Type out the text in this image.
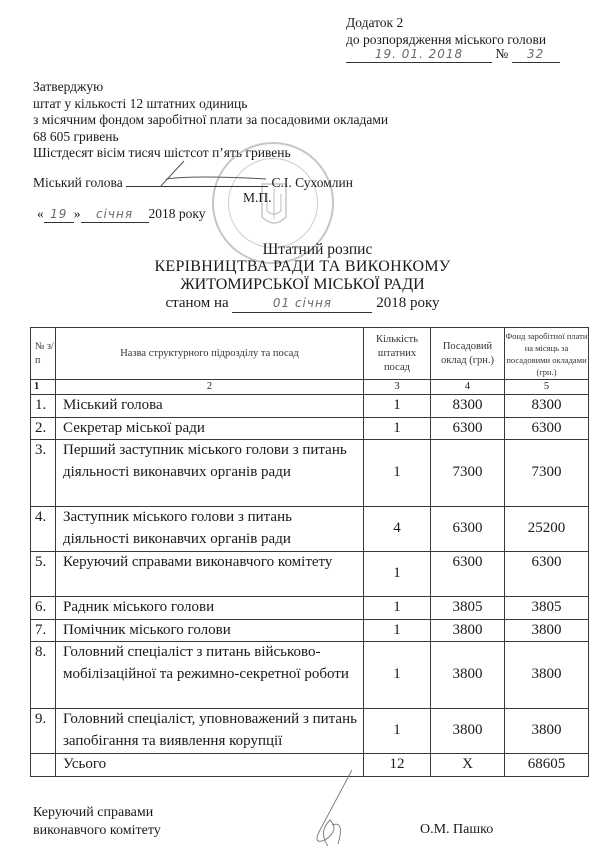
Додаток 2
до розпорядження міського голови
19. 01. 2018 № 32
Затверджую
штат у кількості 12 штатних одиниць
з місячним фондом заробітної плати за посадовими окладами
68 605 гривень
Шістдесят вісім тисяч шістсот п’ять гривень
Міський голова	С.І. Сухомлин
М.П.
« 19 » січня 2018 року
Штатний розпис
КЕРІВНИЦТВА РАДИ ТА ВИКОНКОМУ
ЖИТОМИРСЬКОЇ МІСЬКОЇ РАДИ
станом на	01 січня	2018 року
№ з/п	Назва структурного підрозділу та посад	Кількість штатних посад	Посадовий оклад (грн.)	Фонд заробітної плати на місяць за посадовими окладами (грн.)
1	2	3	4	5
1.	Міський голова	1	8300	8300
2.	Секретар міської ради	1	6300	6300
3.	Перший заступник міського голови з питань діяльності виконавчих органів ради	1	7300	7300
4.	Заступник міського голови з питань діяльності виконавчих органів ради	4	6300	25200
5.	Керуючий справами виконавчого комітету	1	6300	6300
6.	Радник міського голови	1	3805	3805
7.	Помічник міського голови	1	3800	3800
8.	Головний спеціаліст з питань військово-мобілізаційної та режимно-секретної роботи	1	3800	3800
9.	Головний спеціаліст, уповноважений з питань запобігання та виявлення корупції	1	3800	3800
	Усього	12	X	68605
Керуючий справами
виконавчого комітету	О.М. Пашко
